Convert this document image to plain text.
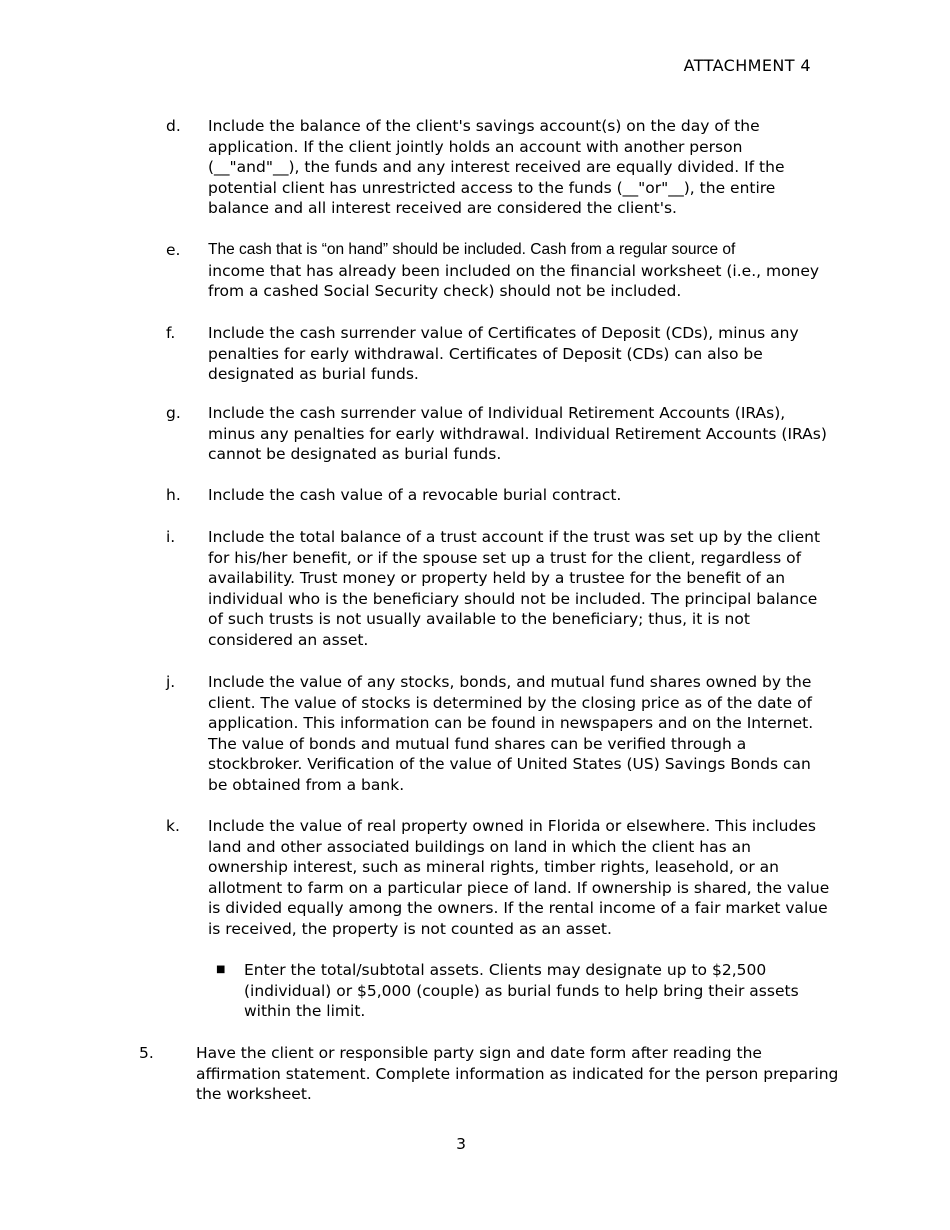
ATTACHMENT 4
d. Include the balance of the client's savings account(s) on the day of the
application. If the client jointly holds an account with another person
(__"and"__), the funds and any interest received are equally divided. If the
potential client has unrestricted access to the funds (__"or"__), the entire
balance and all interest received are considered the client's.
e. The cash that is “on hand” should be included. Cash from a regular source of
income that has already been included on the financial worksheet (i.e., money
from a cashed Social Security check) should not be included.
f. Include the cash surrender value of Certificates of Deposit (CDs), minus any
penalties for early withdrawal. Certificates of Deposit (CDs) can also be
designated as burial funds.
g. Include the cash surrender value of Individual Retirement Accounts (IRAs),
minus any penalties for early withdrawal. Individual Retirement Accounts (IRAs)
cannot be designated as burial funds.
h. Include the cash value of a revocable burial contract.
i. Include the total balance of a trust account if the trust was set up by the client
for his/her benefit, or if the spouse set up a trust for the client, regardless of
availability. Trust money or property held by a trustee for the benefit of an
individual who is the beneficiary should not be included. The principal balance
of such trusts is not usually available to the beneficiary; thus, it is not
considered an asset.
j. Include the value of any stocks, bonds, and mutual fund shares owned by the
client. The value of stocks is determined by the closing price as of the date of
application. This information can be found in newspapers and on the Internet.
The value of bonds and mutual fund shares can be verified through a
stockbroker. Verification of the value of United States (US) Savings Bonds can
be obtained from a bank.
k. Include the value of real property owned in Florida or elsewhere. This includes
land and other associated buildings on land in which the client has an
ownership interest, such as mineral rights, timber rights, leasehold, or an
allotment to farm on a particular piece of land. If ownership is shared, the value
is divided equally among the owners. If the rental income of a fair market value
is received, the property is not counted as an asset.
■ Enter the total/subtotal assets. Clients may designate up to $2,500
(individual) or $5,000 (couple) as burial funds to help bring their assets
within the limit.
5.	Have the client or responsible party sign and date form after reading the
affirmation statement. Complete information as indicated for the person preparing
the worksheet.
3
